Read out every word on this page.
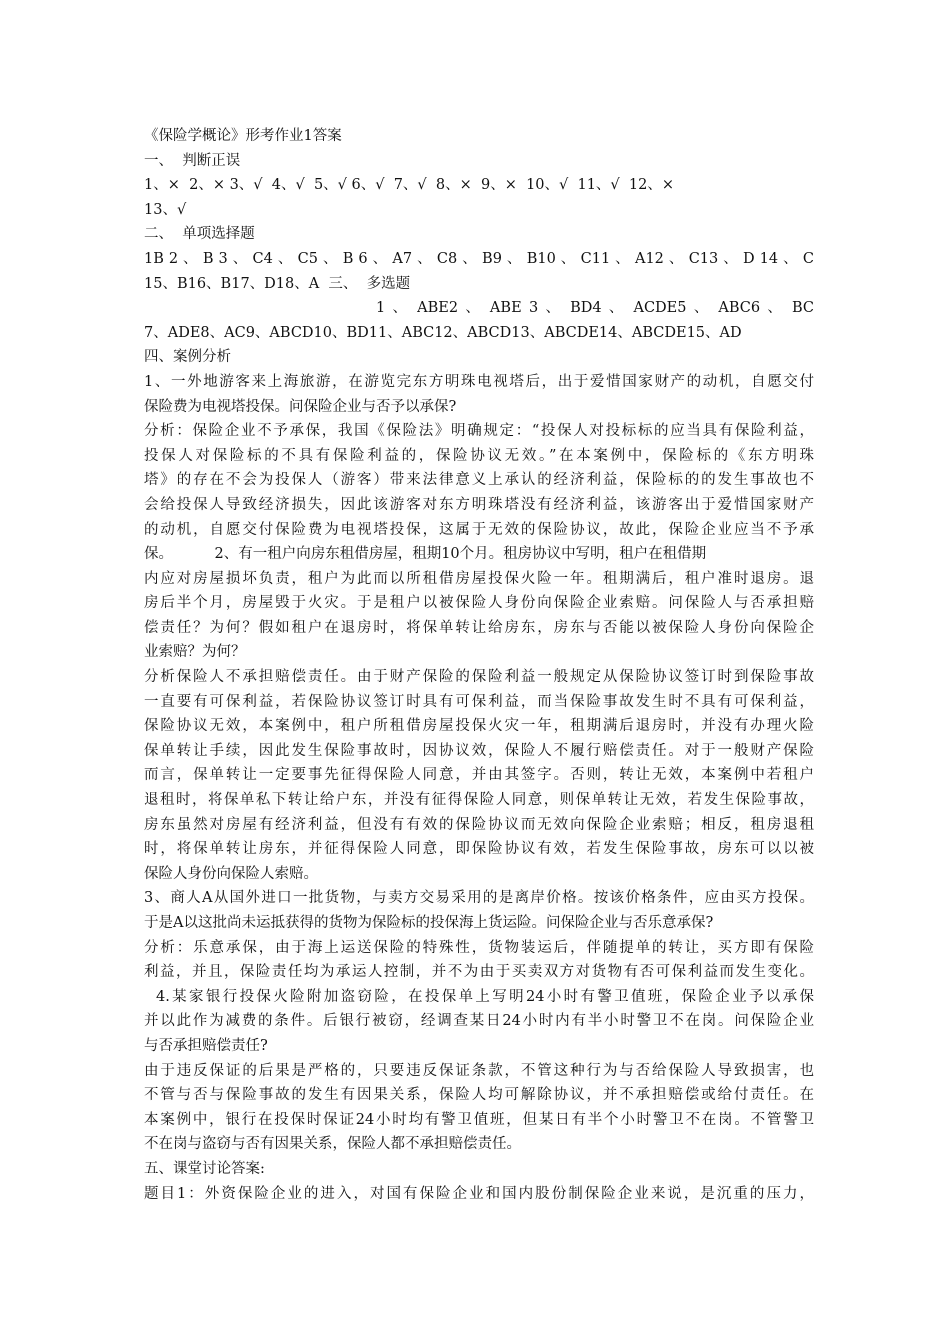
《保险学概论》形考作业1答案
一、  判断正误
1、×  2、× 3、√  4、√  5、√ 6、√  7、√  8、×  9、×  10、√  11、√  12、×
13、√
二、  单项选择题
1B 2 、 B 3 、 C4 、 C5 、 B 6 、 A7 、 C8 、 B9 、 B10 、 C11 、 A12 、 C13 、 D 14 、 C
15、B16、B17、D18、A  三、  多选题
1 、 ABE2 、 ABE 3 、 BD4 、 ACDE5 、 ABC6 、 BC
7、ADE8、AC9、ABCD10、BD11、ABC12、ABCD13、ABCDE14、ABCDE15、AD
四、案例分析
1、一外地游客来上海旅游，在游览完东方明珠电视塔后，出于爱惜国家财产的动机，自愿交付
保险费为电视塔投保。问保险企业与否予以承保?
分析：保险企业不予承保，我国《保险法》明确规定：“投保人对投标标的应当具有保险利益，
投保人对保险标的不具有保险利益的，保险协议无效。”在本案例中，保险标的《东方明珠
塔》的存在不会为投保人（游客）带来法律意义上承认的经济利益，保险标的的发生事故也不
会给投保人导致经济损失，因此该游客对东方明珠塔没有经济利益，该游客出于爱惜国家财产
的动机，自愿交付保险费为电视塔投保，这属于无效的保险协议，故此，保险企业应当不予承
保。         2、有一租户向房东租借房屋，租期10个月。租房协议中写明，租户在租借期
内应对房屋损坏负责，租户为此而以所租借房屋投保火险一年。租期满后，租户准时退房。退
房后半个月，房屋毁于火灾。于是租户以被保险人身份向保险企业索赔。问保险人与否承担赔
偿责任？为何？假如租户在退房时，将保单转让给房东，房东与否能以被保险人身份向保险企
业索赔？为何？
分析保险人不承担赔偿责任。由于财产保险的保险利益一般规定从保险协议签订时到保险事故
一直要有可保利益，若保险协议签订时具有可保利益，而当保险事故发生时不具有可保利益，
保险协议无效，本案例中，租户所租借房屋投保火灾一年，租期满后退房时，并没有办理火险
保单转让手续，因此发生保险事故时，因协议效，保险人不履行赔偿责任。对于一般财产保险
而言，保单转让一定要事先征得保险人同意，并由其签字。否则，转让无效，本案例中若租户
退租时，将保单私下转让给户东，并没有征得保险人同意，则保单转让无效，若发生保险事故，
房东虽然对房屋有经济利益，但没有有效的保险协议而无效向保险企业索赔；相反，租房退租
时，将保单转让房东，并征得保险人同意，即保险协议有效，若发生保险事故，房东可以以被
保险人身份向保险人索赔。
3、商人A从国外进口一批货物，与卖方交易采用的是离岸价格。按该价格条件，应由买方投保。
于是A以这批尚未运抵获得的货物为保险标的投保海上货运险。问保险企业与否乐意承保?
分析：乐意承保，由于海上运送保险的特殊性，货物装运后，伴随提单的转让，买方即有保险
利益，并且，保险责任均为承运人控制，并不为由于买卖双方对货物有否可保利益而发生变化。
4.某家银行投保火险附加盗窃险，在投保单上写明24小时有警卫值班，保险企业予以承保
并以此作为减费的条件。后银行被窃，经调查某日24小时内有半小时警卫不在岗。问保险企业
与否承担赔偿责任?
由于违反保证的后果是严格的，只要违反保证条款，不管这种行为与否给保险人导致损害，也
不管与否与保险事故的发生有因果关系，保险人均可解除协议，并不承担赔偿或给付责任。在
本案例中，银行在投保时保证24小时均有警卫值班，但某日有半个小时警卫不在岗。不管警卫
不在岗与盗窃与否有因果关系，保险人都不承担赔偿责任。
五、课堂讨论答案:
题目1：外资保险企业的进入，对国有保险企业和国内股份制保险企业来说，是沉重的压力，
